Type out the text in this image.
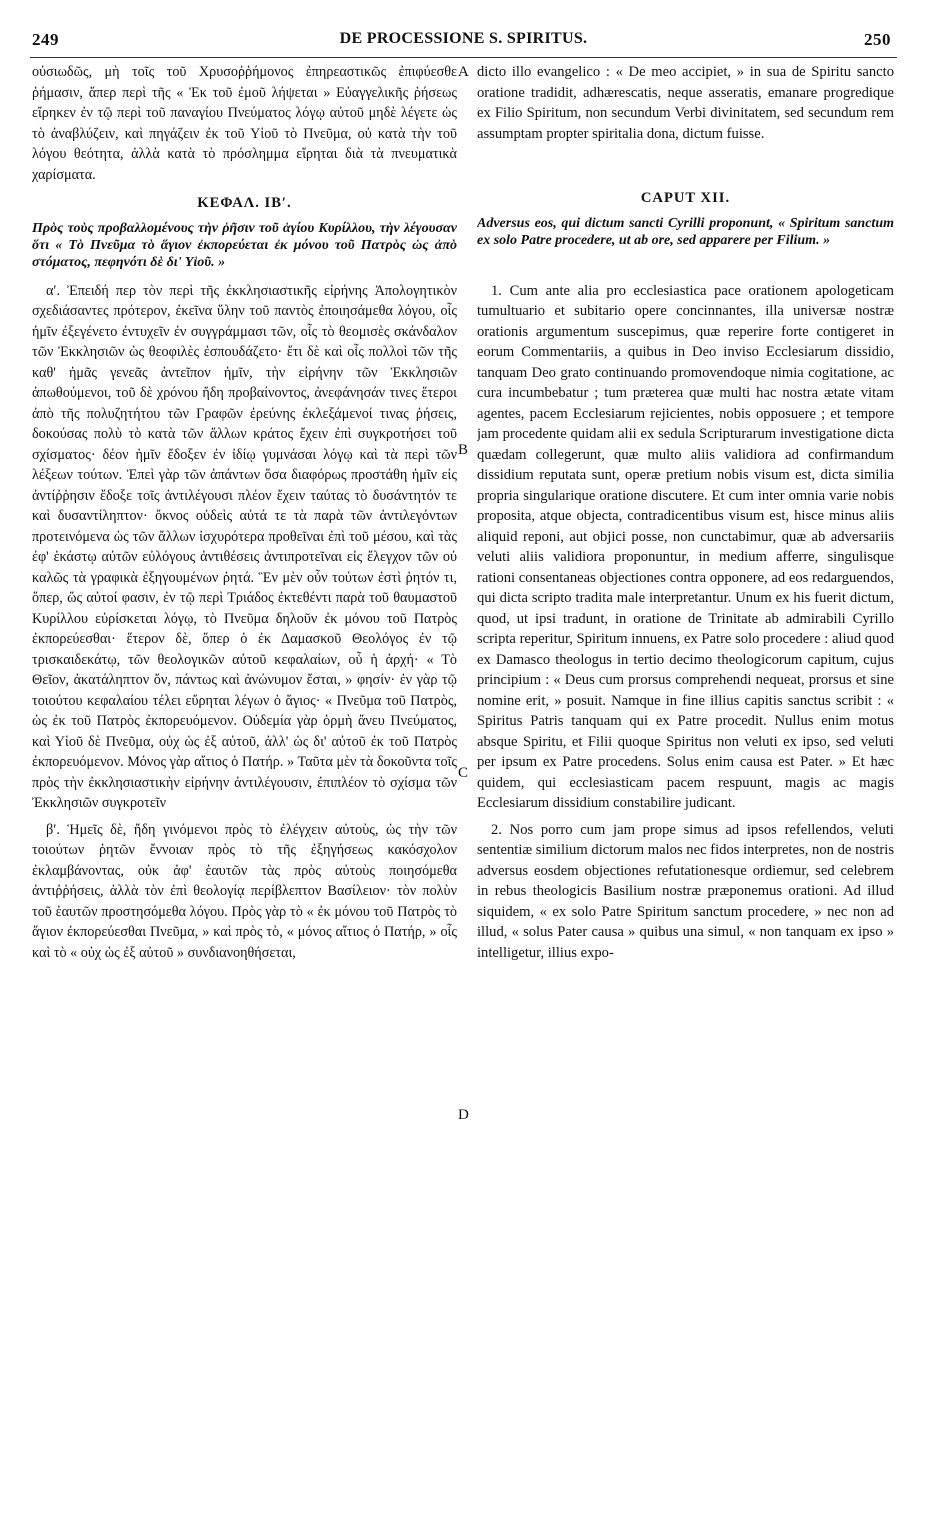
249	DE PROCESSIONE S. SPIRITUS.	250
A
B
C
D

οὐσιωδῶς, μὴ τοῖς τοῦ Χρυσοῤῥήμονος ἐπηρεαστικῶς ἐπιφύεσθε ῥήμασιν, ἅπερ περὶ τῆς « Ἐκ τοῦ ἐμοῦ λήψεται » Εὐαγγελικῆς ῥήσεως εἴρηκεν ἐν τῷ περὶ τοῦ παναγίου Πνεύματος λόγῳ αὐτοῦ μηδὲ λέγετε ὡς τὸ ἀναβλύζειν, καὶ πηγάζειν ἐκ τοῦ Υἱοῦ τὸ Πνεῦμα, οὐ κατὰ τὴν τοῦ λόγου θεότητα, ἀλλὰ κατὰ τὸ πρόσλημμα εἴρηται διὰ τὰ πνευματικὰ χαρίσματα.

ΚΕΦΑΛ. ΙΒʹ.

Πρὸς τοὺς προβαλλομένους τὴν ῥῆσιν τοῦ ἁγίου Κυρίλλου, τὴν λέγουσαν ὅτι « Τὸ Πνεῦμα τὸ ἅγιον ἐκπορεύεται ἐκ μόνου τοῦ Πατρὸς ὡς ἀπὸ στόματος, πεφηνότι δὲ δι' Υἱοῦ. »

αʹ. Ἐπειδή περ τὸν περὶ τῆς ἐκκλησιαστικῆς εἰρήνης Ἀπολογητικὸν σχεδιάσαντες πρότερον, ἐκεῖνα ὕλην τοῦ παντὸς ἐποιησάμεθα λόγου, οἷς ἡμῖν ἐξεγένετο ἐντυχεῖν ἐν συγγράμμασι τῶν, οἷς τὸ θεομισὲς σκάνδαλον τῶν Ἐκκλησιῶν ὡς θεοφιλὲς ἐσπουδάζετο· ἔτι δὲ καὶ οἷς πολλοὶ τῶν τῆς καθ' ἡμᾶς γενεᾶς ἀντεῖπον ἡμῖν, τὴν εἰρήνην τῶν Ἐκκλησιῶν ἀπωθούμενοι, τοῦ δὲ χρόνου ἤδη προβαίνοντος, ἀνεφάνησάν τινες ἕτεροι ἀπὸ τῆς πολυζητήτου τῶν Γραφῶν ἐρεύνης ἐκλεξάμενοί τινας ῥήσεις, δοκούσας πολὺ τὸ κατὰ τῶν ἄλλων κράτος ἔχειν ἐπὶ συγκροτήσει τοῦ σχίσματος· δέον ἡμῖν ἔδοξεν ἐν ἰδίῳ γυμνάσαι λόγῳ καὶ τὰ περὶ τῶν λέξεων τούτων. Ἐπεὶ γὰρ τῶν ἁπάντων ὅσα διαφόρως προστάθη ἡμῖν εἰς ἀντίῤῥησιν ἔδοξε τοῖς ἀντιλέγουσι πλέον ἔχειν ταύτας τὸ δυσάντητόν τε καὶ δυσαντίληπτον· ὄκνος οὐδεὶς αὐτά τε τὰ παρὰ τῶν ἀντιλεγόντων προτεινόμενα ὡς τῶν ἄλλων ἰσχυρότερα προθεῖναι ἐπὶ τοῦ μέσου, καὶ τὰς ἐφ' ἑκάστῳ αὐτῶν εὐλόγους ἀντιθέσεις ἀντιπροτεῖναι εἰς ἔλεγχον τῶν οὐ καλῶς τὰ γραφικὰ ἐξηγουμένων ῥητά. Ἓν μὲν οὖν τούτων ἐστὶ ῥητόν τι, ὅπερ, ὥς αὐτοί φασιν, ἐν τῷ περὶ Τριάδος ἐκτεθέντι παρὰ τοῦ θαυμαστοῦ Κυρίλλου εὑρίσκεται λόγῳ, τὸ Πνεῦμα δηλοῦν ἐκ μόνου τοῦ Πατρὸς ἐκπορεύεσθαι· ἕτερον δὲ, ὅπερ ὁ ἐκ Δαμασκοῦ Θεολόγος ἐν τῷ τρισκαιδεκάτῳ, τῶν θεολογικῶν αὐτοῦ κεφαλαίων, οὗ ἡ ἀρχή· « Τὸ Θεῖον, ἀκατάληπτον ὄν, πάντως καὶ ἀνώνυμον ἔσται, » φησίν· ἐν γὰρ τῷ τοιούτου κεφαλαίου τέλει εὔρηται λέγων ὁ ἅγιος· « Πνεῦμα τοῦ Πατρὸς, ὡς ἐκ τοῦ Πατρὸς ἐκπορευόμενον. Οὐδεμία γὰρ ὁρμὴ ἄνευ Πνεύματος, καὶ Υἱοῦ δὲ Πνεῦμα, οὐχ ὡς ἐξ αὐτοῦ, ἀλλ' ὡς δι' αὐτοῦ ἐκ τοῦ Πατρὸς ἐκπορευόμενον. Μόνος γὰρ αἴτιος ὁ Πατήρ. » Ταῦτα μὲν τὰ δοκοῦντα τοῖς πρὸς τὴν ἐκκλησιαστικὴν εἰρήνην ἀντιλέγουσιν, ἐπιπλέον τὸ σχίσμα τῶν Ἐκκλησιῶν συγκροτεῖν

βʹ. Ἡμεῖς δὲ, ἤδη γινόμενοι πρὸς τὸ ἐλέγχειν αὐτοὺς, ὡς τὴν τῶν τοιούτων ῥητῶν ἔννοιαν πρὸς τὸ τῆς ἐξηγήσεως κακόσχολον ἐκλαμβάνοντας, οὐκ ἀφ' ἑαυτῶν τὰς πρὸς αὐτοὺς ποιησόμεθα ἀντιῤῥήσεις, ἀλλὰ τὸν ἐπὶ θεολογίᾳ περίβλεπτον Βασίλειον· τὸν πολὺν τοῦ ἑαυτῶν προστησόμεθα λόγου. Πρὸς γὰρ τὸ « ἐκ μόνου τοῦ Πατρὸς τὸ ἅγιον ἐκπορεύεσθαι Πνεῦμα, » καὶ πρὸς τὸ, « μόνος αἴτιος ὁ Πατήρ, » οἷς καὶ τὸ « οὐχ ὡς ἐξ αὐτοῦ » συνδιανοηθήσεται,

dicto illo evangelico : « De meo accipiet, » in sua de Spiritu sancto oratione tradidit, adhærescatis, neque asseratis, emanare progredique ex Filio Spiritum, non secundum Verbi divinitatem, sed secundum rem assumptam propter spiritalia dona, dictum fuisse.

CAPUT XII.

Adversus eos, qui dictum sancti Cyrilli proponunt, « Spiritum sanctum ex solo Patre procedere, ut ab ore, sed apparere per Filium. »

1. Cum ante alia pro ecclesiastica pace orationem apologeticam tumultuario et subitario opere concinnantes, illa universæ nostræ orationis argumentum suscepimus, quæ reperire forte contigeret in eorum Commentariis, a quibus in Deo inviso Ecclesiarum dissidio, tanquam Deo grato continuando promovendoque nimia cogitatione, ac cura incumbebatur ; tum præterea quæ multi hac nostra ætate vitam agentes, pacem Ecclesiarum rejicientes, nobis opposuere ; et tempore jam procedente quidam alii ex sedula Scripturarum investigatione dicta quædam collegerunt, quæ multo aliis validiora ad confirmandum dissidium reputata sunt, operæ pretium nobis visum est, dicta similia propria singularique oratione discutere. Et cum inter omnia varie nobis proposita, atque objecta, contradicentibus visum est, hisce minus aliis aliquid reponi, aut objici posse, non cunctabimur, quæ ab adversariis veluti aliis validiora proponuntur, in medium afferre, singulisque rationi consentaneas objectiones contra opponere, ad eos redarguendos, qui dicta scripto tradita male interpretantur. Unum ex his fuerit dictum, quod, ut ipsi tradunt, in oratione de Trinitate ab admirabili Cyrillo scripta reperitur, Spiritum innuens, ex Patre solo procedere : aliud quod ex Damasco theologus in tertio decimo theologicorum capitum, cujus principium : « Deus cum prorsus comprehendi nequeat, prorsus et sine nomine erit, » posuit. Namque in fine illius capitis sanctus scribit : « Spiritus Patris tanquam qui ex Patre procedit. Nullus enim motus absque Spiritu, et Filii quoque Spiritus non veluti ex ipso, sed veluti per ipsum ex Patre procedens. Solus enim causa est Pater. » Et hæc quidem, qui ecclesiasticam pacem respuunt, magis ac magis Ecclesiarum dissidium constabilire judicant.

2. Nos porro cum jam prope simus ad ipsos refellendos, veluti sententiæ similium dictorum malos nec fidos interpretes, non de nostris adversus eosdem objectiones refutationesque ordiemur, sed celebrem in rebus theologicis Basilium nostræ præponemus orationi. Ad illud siquidem, « ex solo Patre Spiritum sanctum procedere, » nec non ad illud, « solus Pater causa » quibus una simul, « non tanquam ex ipso » intelligetur, illius expo-
